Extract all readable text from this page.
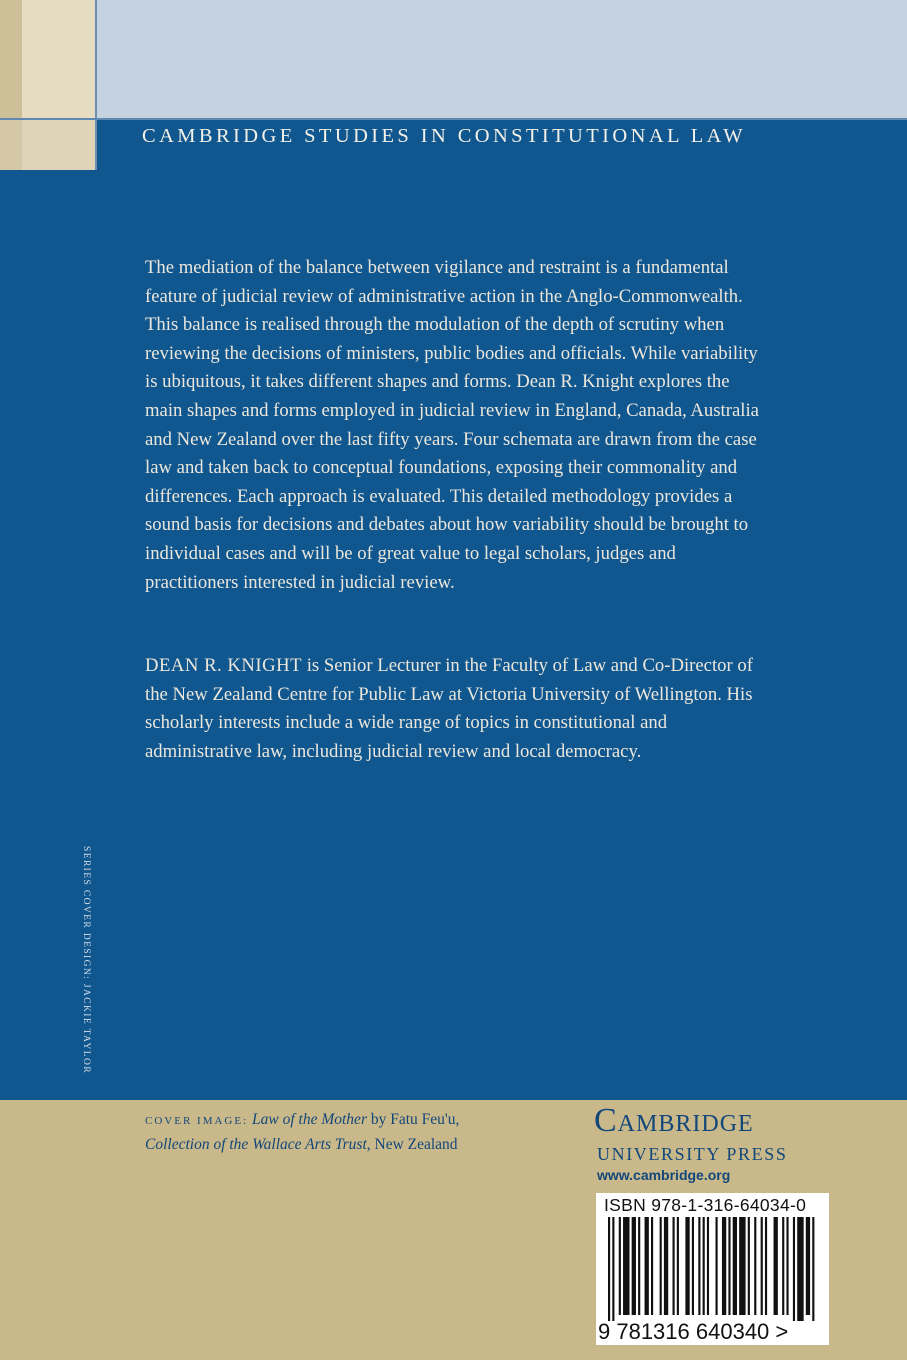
CAMBRIDGE STUDIES IN CONSTITUTIONAL LAW

The mediation of the balance between vigilance and restraint is a fundamental feature of judicial review of administrative action in the Anglo-Commonwealth. This balance is realised through the modulation of the depth of scrutiny when reviewing the decisions of ministers, public bodies and officials. While variability is ubiquitous, it takes different shapes and forms. Dean R. Knight explores the main shapes and forms employed in judicial review in England, Canada, Australia and New Zealand over the last fifty years. Four schemata are drawn from the case law and taken back to conceptual foundations, exposing their commonality and differences. Each approach is evaluated. This detailed methodology provides a sound basis for decisions and debates about how variability should be brought to individual cases and will be of great value to legal scholars, judges and practitioners interested in judicial review.

DEAN R. KNIGHT is Senior Lecturer in the Faculty of Law and Co-Director of the New Zealand Centre for Public Law at Victoria University of Wellington. His scholarly interests include a wide range of topics in constitutional and administrative law, including judicial review and local democracy.

SERIES COVER DESIGN: JACKIE TAYLOR
COVER IMAGE: Law of the Mother by Fatu Feu'u,
Collection of the Wallace Arts Trust, New Zealand
Cambridge
UNIVERSITY PRESS
www.cambridge.org
ISBN 978-1-316-64034-0
9 781316 640340 >
